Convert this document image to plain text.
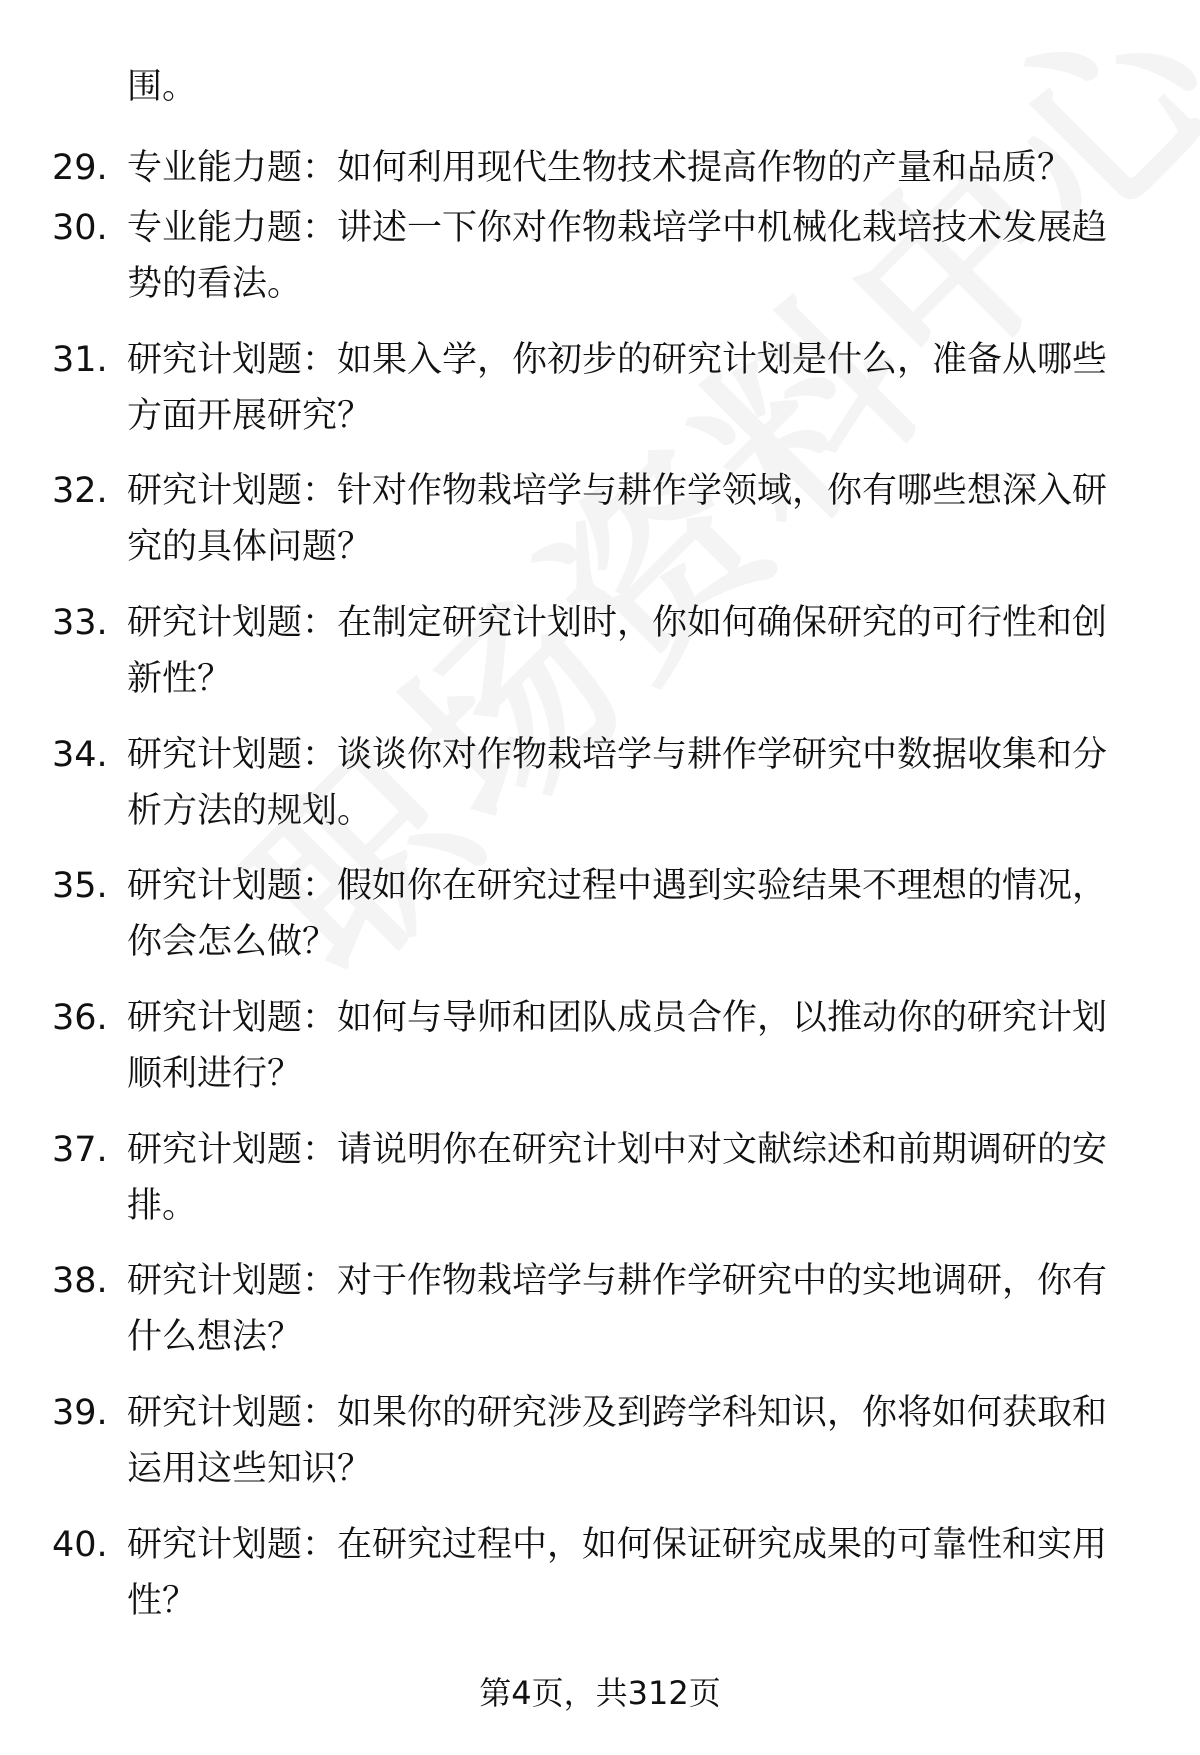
围。
29. 专业能力题：如何利用现代生物技术提高作物的产量和品质？
30. 专业能力题：讲述一下你对作物栽培学中机械化栽培技术发展趋势的看法。
31. 研究计划题：如果入学，你初步的研究计划是什么，准备从哪些方面开展研究？
32. 研究计划题：针对作物栽培学与耕作学领域，你有哪些想深入研究的具体问题？
33. 研究计划题：在制定研究计划时，你如何确保研究的可行性和创新性？
34. 研究计划题：谈谈你对作物栽培学与耕作学研究中数据收集和分析方法的规划。
35. 研究计划题：假如你在研究过程中遇到实验结果不理想的情况，你会怎么做？
36. 研究计划题：如何与导师和团队成员合作，以推动你的研究计划顺利进行？
37. 研究计划题：请说明你在研究计划中对文献综述和前期调研的安排。
38. 研究计划题：对于作物栽培学与耕作学研究中的实地调研，你有什么想法？
39. 研究计划题：如果你的研究涉及到跨学科知识，你将如何获取和运用这些知识？
40. 研究计划题：在研究过程中，如何保证研究成果的可靠性和实用性？
第4页，共312页
